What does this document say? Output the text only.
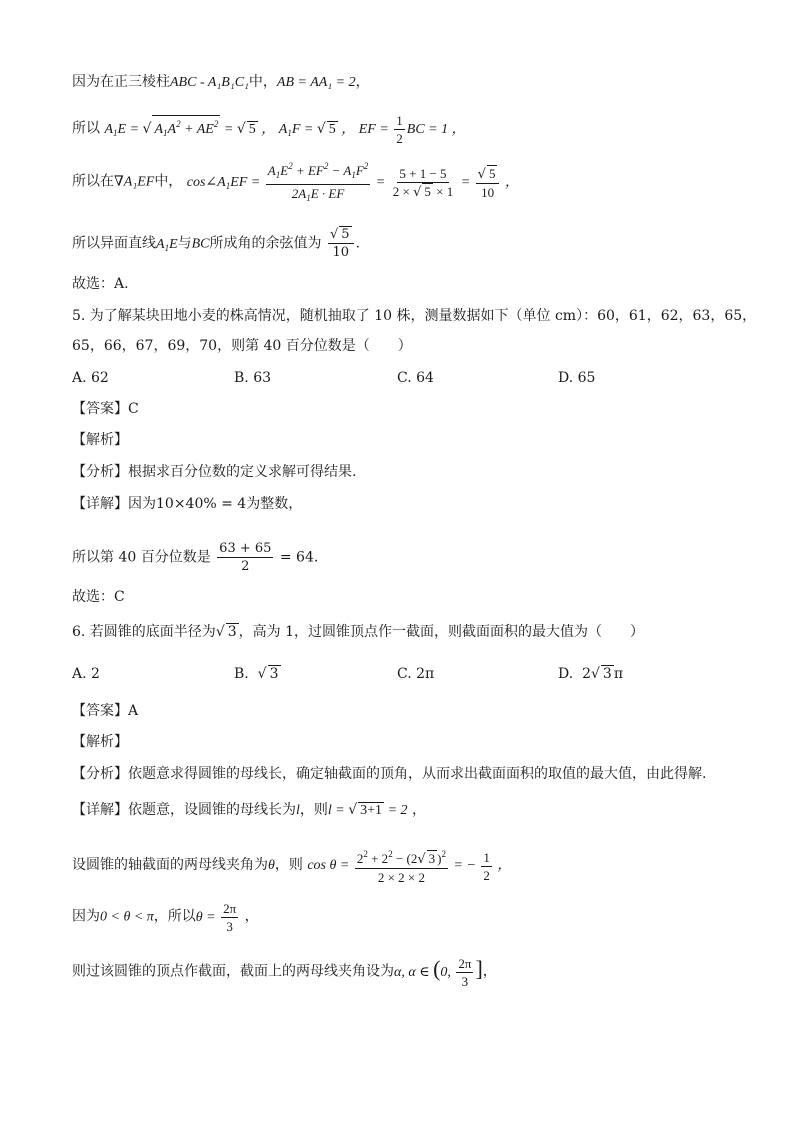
因为在正三棱柱ABC - A₁B₁C₁中，AB = AA₁ = 2，
所以 $A_1E$ = √ $A_1A^2 + AE^2$ = √ 5 ， $A_1F$ = √ 5 ， EF = $\frac{1}{2}$ BC = 1 ，
所以在∇A₁EF中， $\cos\angle A_1EF = \frac{A_1E^2 + EF^2 - A_1F^2}{2A_1E \cdot EF} = \frac{5 + 1 - 5}{2 \times √ 5 \times 1} = \frac{√ 5}{10}$ ，
所以异面直线$A_1E$与BC所成角的余弦值为 $\frac{√ 5}{10}$ .
故选：A.
5. 为了解某块田地小麦的株高情况，随机抽取了 10 株，测量数据如下（单位 cm）：60，61，62，63，65，
65，66，67，69，70，则第 40 百分位数是（　　）
A. 62	B. 63	C. 64	D. 65
【答案】C
【解析】
【分析】根据求百分位数的定义求解可得结果.
【详解】因为10×40% = 4为整数，
所以第 40 百分位数是 $\frac{63 + 65}{2} = 64$.
故选：C
6. 若圆锥的底面半径为√ 3 ，高为 1，过圆锥顶点作一截面，则截面面积的最大值为（　　）
A. 2	B. √ 3	C. 2π	D.  2√ 3 π
【答案】A
【解析】
【分析】依题意求得圆锥的母线长，确定轴截面的顶角，从而求出截面面积的取值的最大值，由此得解.
【详解】依题意，设圆锥的母线长为l，则l = √ 3+1 = 2 ，
设圆锥的轴截面的两母线夹角为θ，则 $\cos \theta = \frac{2^2 + 2^2 - (2√ 3 )^2}{2 \times 2 \times 2}$ = − $\frac{1}{2}$ ，
因为0 < θ < π，所以$\theta = \frac{2\pi}{3}$ ，
则过该圆锥的顶点作截面，截面上的两母线夹角设为α, α ∈ (0, $\frac{2\pi}{3}$ ]，
